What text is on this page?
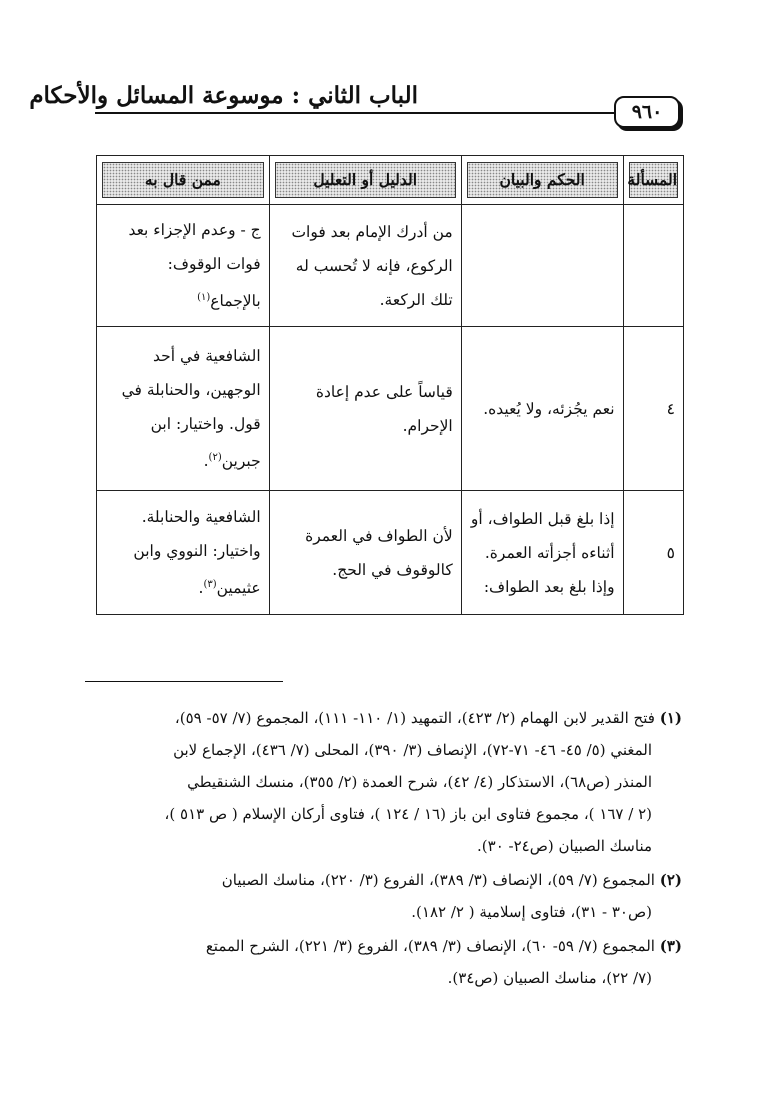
الباب الثاني : موسوعة المسائل والأحكام
٩٦٠
المسألة	الحكم والبيان	الدليل أو التعليل	ممن قال به

		من أدرك الإمام بعد فوات الركوع، فإنه لا تُحسب له تلك الركعة.	ج - وعدم الإجزاء بعد فوات الوقوف: بالإجماع$^{(١)}$
٤	نعم يجُزئه، ولا يُعيده.	قياساً على عدم إعادة الإحرام.	الشافعية في أحد الوجهين، والحنابلة في قول. واختيار: ابن جبرين$^{(٢)}$.
٥	إذا بلغ قبل الطواف، أو أثناءه أجزأته العمرة. وإذا بلغ بعد الطواف:	لأن الطواف في العمرة كالوقوف في الحج.	الشافعية والحنابلة. واختيار: النووي وابن عثيمين$^{(٣)}$.
(١) فتح القدير لابن الهمام (٢/ ٤٢٣)، التمهيد (١/ ١١٠- ١١١)، المجموع (٧/ ٥٧- ٥٩)،
المغني (٥/ ٤٥- ٤٦- ٧١-٧٢)، الإنصاف (٣/ ٣٩٠)، المحلى (٧/ ٤٣٦)، الإجماع لابن
المنذر (ص٦٨)، الاستذكار (٤/ ٤٢)، شرح العمدة (٢/ ٣٥٥)، منسك الشنقيطي
(٢ / ١٦٧ )، مجموع فتاوى ابن باز (١٦ / ١٢٤ )، فتاوى أركان الإسلام ( ص ٥١٣ )،
مناسك الصبيان (ص٢٤- ٣٠).
(٢) المجموع (٧/ ٥٩)، الإنصاف (٣/ ٣٨٩)، الفروع (٣/ ٢٢٠)، مناسك الصبيان
(ص٣٠ - ٣١)، فتاوى إسلامية ( ٢/ ١٨٢).
(٣) المجموع (٧/ ٥٩- ٦٠)، الإنصاف (٣/ ٣٨٩)، الفروع (٣/ ٢٢١)، الشرح الممتع
(٧/ ٢٢)، مناسك الصبيان (ص٣٤).
